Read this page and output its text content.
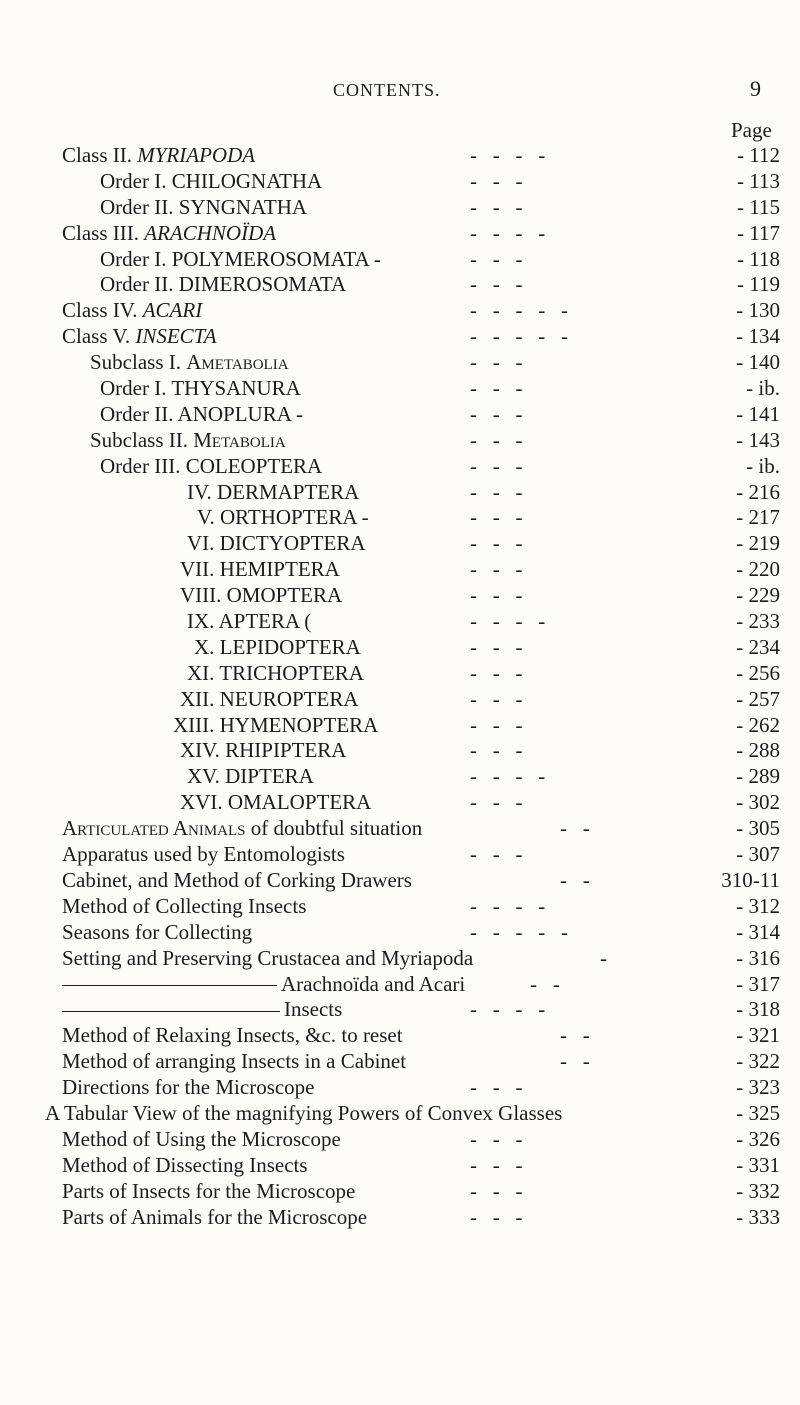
CONTENTS.	9
Page
Class II. MYRIAPODA	-   -   -   -	- 112
Order I. CHILOGNATHA	-   -   -	- 113
Order II. SYNGNATHA	-   -   -	- 115
Class III. ARACHNOÏDA	-   -   -   -	- 117
Order I. POLYMEROSOMATA -	-   -   -	- 118
Order II. DIMEROSOMATA	-   -   -	- 119
Class IV. ACARI	-   -   -   -   -	- 130
Class V. INSECTA	-   -   -   -   -	- 134
Subclass I. Ametabolia	-   -   -	- 140
Order I. THYSANURA	-   -   -	- ib.
Order II. ANOPLURA -	-   -   -	- 141
Subclass II. Metabolia	-   -   -	- 143
Order III. COLEOPTERA	-   -   -	- ib.
IV. DERMAPTERA	-   -   -	- 216
V. ORTHOPTERA -	-   -   -	- 217
VI. DICTYOPTERA	-   -   -	- 219
VII. HEMIPTERA	-   -   -	- 220
VIII. OMOPTERA	-   -   -	- 229
IX. APTERA (	-   -   -   -	- 233
X. LEPIDOPTERA	-   -   -	- 234
XI. TRICHOPTERA	-   -   -	- 256
XII. NEUROPTERA	-   -   -	- 257
XIII. HYMENOPTERA	-   -   -	- 262
XIV. RHIPIPTERA	-   -   -	- 288
XV. DIPTERA	-   -   -   -	- 289
XVI. OMALOPTERA	-   -   -	- 302
Articulated Animals of doubtful situation	-   -	- 305
Apparatus used by Entomologists	-   -   -	- 307
Cabinet, and Method of Corking Drawers	-   -	310-11
Method of Collecting Insects	-   -   -   -	- 312
Seasons for Collecting	-   -   -   -   -	- 314
Setting and Preserving Crustacea and Myriapoda	-	- 316
Arachnoïda and Acari	-   -	- 317
Insects	-   -   -   -	- 318
Method of Relaxing Insects, &c. to reset	-   -	- 321
Method of arranging Insects in a Cabinet	-   -	- 322
Directions for the Microscope	-   -   -	- 323
A Tabular View of the magnifying Powers of Convex Glasses	- 325
Method of Using the Microscope	-   -   -	- 326
Method of Dissecting Insects	-   -   -	- 331
Parts of Insects for the Microscope	-   -   -	- 332
Parts of Animals for the Microscope	-   -   -	- 333
